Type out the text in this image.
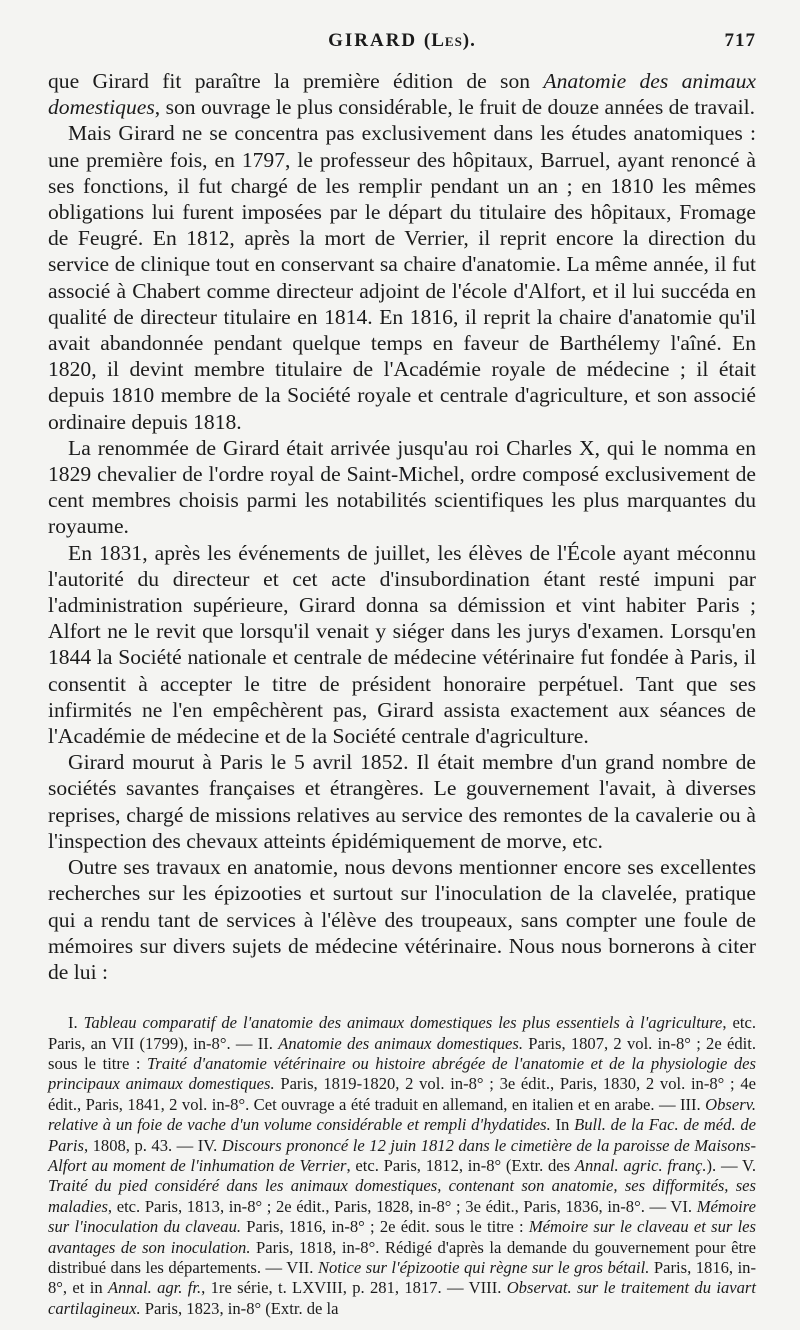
GIRARD (Les).	717

que Girard fit paraître la première édition de son Anatomie des animaux domestiques, son ouvrage le plus considérable, le fruit de douze années de travail.

Mais Girard ne se concentra pas exclusivement dans les études anatomiques : une première fois, en 1797, le professeur des hôpitaux, Barruel, ayant renoncé à ses fonctions, il fut chargé de les remplir pendant un an ; en 1810 les mêmes obligations lui furent imposées par le départ du titulaire des hôpitaux, Fromage de Feugré. En 1812, après la mort de Verrier, il reprit encore la direction du service de clinique tout en conservant sa chaire d'anatomie. La même année, il fut associé à Chabert comme directeur adjoint de l'école d'Alfort, et il lui succéda en qualité de directeur titulaire en 1814. En 1816, il reprit la chaire d'anatomie qu'il avait abandonnée pendant quelque temps en faveur de Barthélemy l'aîné. En 1820, il devint membre titulaire de l'Académie royale de médecine ; il était depuis 1810 membre de la Société royale et centrale d'agriculture, et son associé ordinaire depuis 1818.

La renommée de Girard était arrivée jusqu'au roi Charles X, qui le nomma en 1829 chevalier de l'ordre royal de Saint-Michel, ordre composé exclusivement de cent membres choisis parmi les notabilités scientifiques les plus marquantes du royaume.

En 1831, après les événements de juillet, les élèves de l'École ayant méconnu l'autorité du directeur et cet acte d'insubordination étant resté impuni par l'administration supérieure, Girard donna sa démission et vint habiter Paris ; Alfort ne le revit que lorsqu'il venait y siéger dans les jurys d'examen. Lorsqu'en 1844 la Société nationale et centrale de médecine vétérinaire fut fondée à Paris, il consentit à accepter le titre de président honoraire perpétuel. Tant que ses infirmités ne l'en empêchèrent pas, Girard assista exactement aux séances de l'Académie de médecine et de la Société centrale d'agriculture.

Girard mourut à Paris le 5 avril 1852. Il était membre d'un grand nombre de sociétés savantes françaises et étrangères. Le gouvernement l'avait, à diverses reprises, chargé de missions relatives au service des remontes de la cavalerie ou à l'inspection des chevaux atteints épidémiquement de morve, etc.

Outre ses travaux en anatomie, nous devons mentionner encore ses excellentes recherches sur les épizooties et surtout sur l'inoculation de la clavelée, pratique qui a rendu tant de services à l'élève des troupeaux, sans compter une foule de mémoires sur divers sujets de médecine vétérinaire. Nous nous bornerons à citer de lui :

I. Tableau comparatif de l'anatomie des animaux domestiques les plus essentiels à l'agriculture, etc. Paris, an VII (1799), in-8°. — II. Anatomie des animaux domestiques. Paris, 1807, 2 vol. in-8° ; 2e édit. sous le titre : Traité d'anatomie vétérinaire ou histoire abrégée de l'anatomie et de la physiologie des principaux animaux domestiques. Paris, 1819-1820, 2 vol. in-8° ; 3e édit., Paris, 1830, 2 vol. in-8° ; 4e édit., Paris, 1841, 2 vol. in-8°. Cet ouvrage a été traduit en allemand, en italien et en arabe. — III. Observ. relative à un foie de vache d'un volume considérable et rempli d'hydatides. In Bull. de la Fac. de méd. de Paris, 1808, p. 43. — IV. Discours prononcé le 12 juin 1812 dans le cimetière de la paroisse de Maisons-Alfort au moment de l'inhumation de Verrier, etc. Paris, 1812, in-8° (Extr. des Annal. agric. franç.). — V. Traité du pied considéré dans les animaux domestiques, contenant son anatomie, ses difformités, ses maladies, etc. Paris, 1813, in-8° ; 2e édit., Paris, 1828, in-8° ; 3e édit., Paris, 1836, in-8°. — VI. Mémoire sur l'inoculation du claveau. Paris, 1816, in-8° ; 2e édit. sous le titre : Mémoire sur le claveau et sur les avantages de son inoculation. Paris, 1818, in-8°. Rédigé d'après la demande du gouvernement pour être distribué dans les départements. — VII. Notice sur l'épizootie qui règne sur le gros bétail. Paris, 1816, in-8°, et in Annal. agr. fr., 1re série, t. LXVIII, p. 281, 1817. — VIII. Observat. sur le traitement du iavart cartilagineux. Paris, 1823, in-8° (Extr. de la
